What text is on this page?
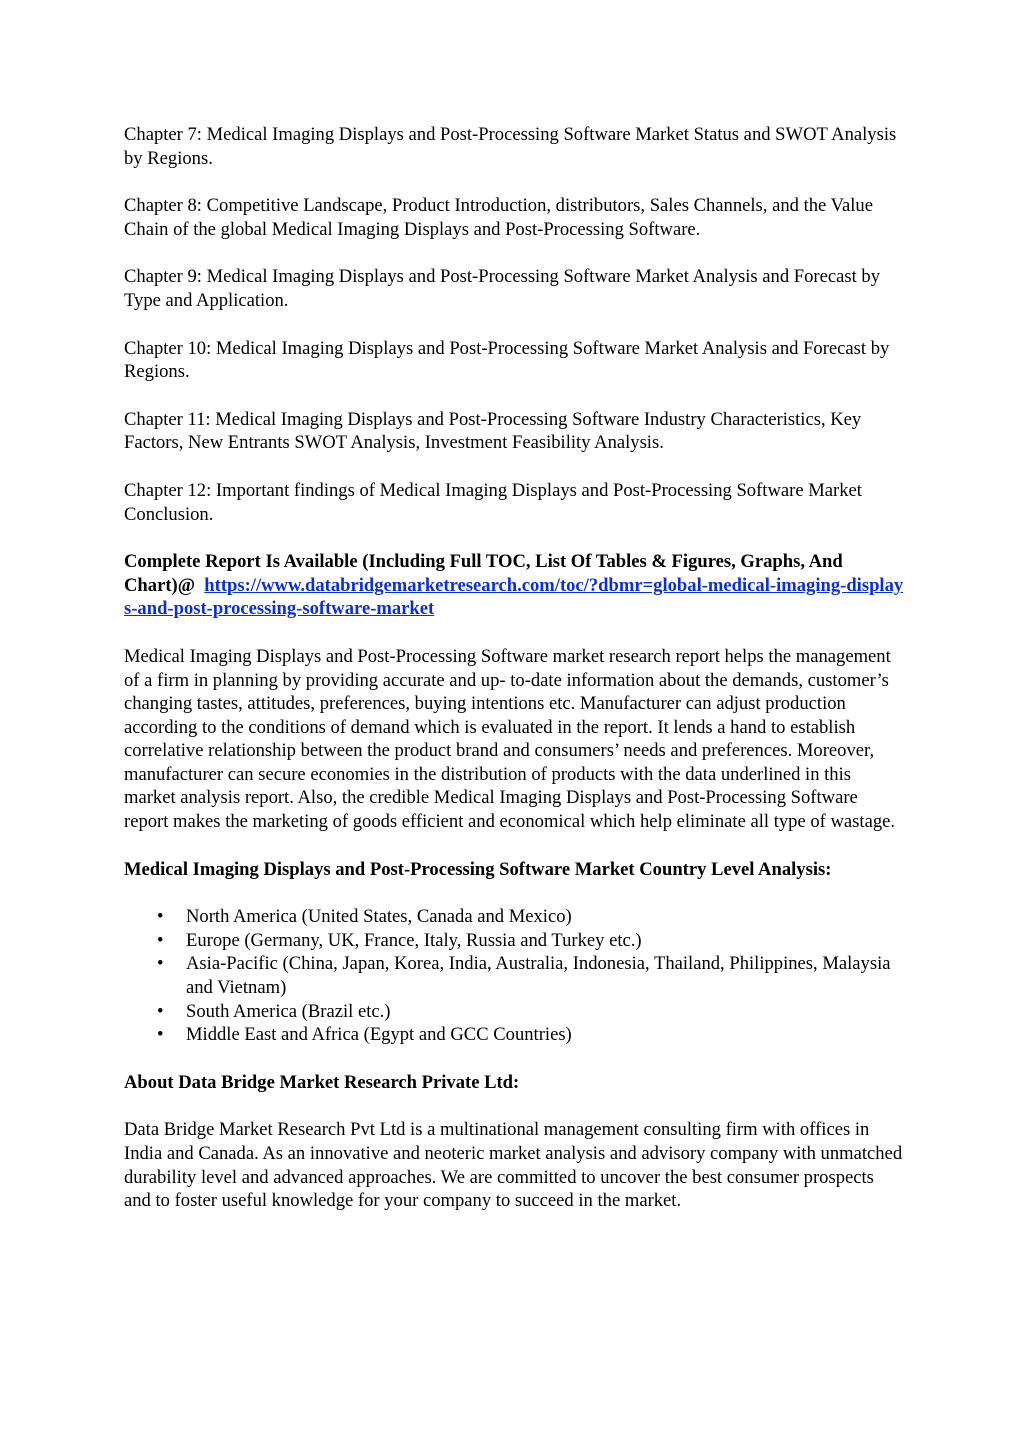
Chapter 7: Medical Imaging Displays and Post-Processing Software Market Status and SWOT Analysis by Regions.

Chapter 8: Competitive Landscape, Product Introduction, distributors, Sales Channels, and the Value Chain of the global Medical Imaging Displays and Post-Processing Software.

Chapter 9: Medical Imaging Displays and Post-Processing Software Market Analysis and Forecast by Type and Application.

Chapter 10: Medical Imaging Displays and Post-Processing Software Market Analysis and Forecast by Regions.

Chapter 11: Medical Imaging Displays and Post-Processing Software Industry Characteristics, Key Factors, New Entrants SWOT Analysis, Investment Feasibility Analysis.

Chapter 12: Important findings of Medical Imaging Displays and Post-Processing Software Market Conclusion.

Complete Report Is Available (Including Full TOC, List Of Tables & Figures, Graphs, And Chart)@ https://www.databridgemarketresearch.com/toc/?dbmr=global-medical-imaging-displays-and-post-processing-software-market

Medical Imaging Displays and Post-Processing Software market research report helps the management of a firm in planning by providing accurate and up- to-date information about the demands, customer’s changing tastes, attitudes, preferences, buying intentions etc. Manufacturer can adjust production according to the conditions of demand which is evaluated in the report. It lends a hand to establish correlative relationship between the product brand and consumers’ needs and preferences. Moreover, manufacturer can secure economies in the distribution of products with the data underlined in this market analysis report. Also, the credible Medical Imaging Displays and Post-Processing Software report makes the marketing of goods efficient and economical which help eliminate all type of wastage.

Medical Imaging Displays and Post-Processing Software Market Country Level Analysis:

• North America (United States, Canada and Mexico)
• Europe (Germany, UK, France, Italy, Russia and Turkey etc.)
• Asia-Pacific (China, Japan, Korea, India, Australia, Indonesia, Thailand, Philippines, Malaysia and Vietnam)
• South America (Brazil etc.)
• Middle East and Africa (Egypt and GCC Countries)

About Data Bridge Market Research Private Ltd:

Data Bridge Market Research Pvt Ltd is a multinational management consulting firm with offices in India and Canada. As an innovative and neoteric market analysis and advisory company with unmatched durability level and advanced approaches. We are committed to uncover the best consumer prospects and to foster useful knowledge for your company to succeed in the market.
